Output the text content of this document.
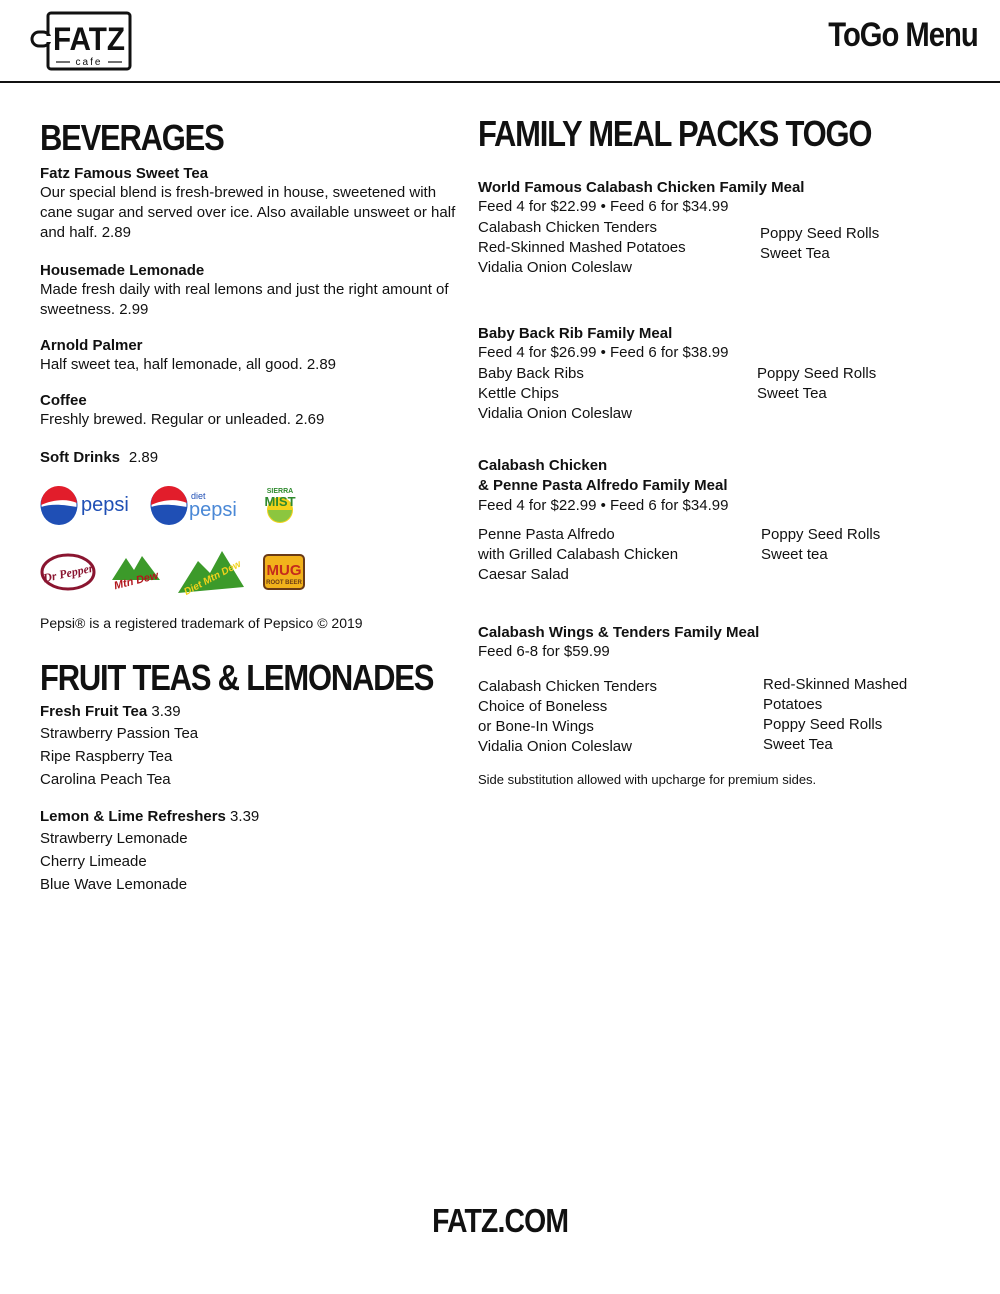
FATZ
cafe
ToGo Menu
BEVERAGES
Fatz Famous Sweet Tea
Our special blend is fresh-brewed in house, sweetened with cane sugar and served over ice. Also available unsweet or half and half. 2.89
Housemade Lemonade
Made fresh daily with real lemons and just the right amount of sweetness. 2.99
Arnold Palmer
Half sweet tea, half lemonade, all good. 2.89
Coffee
Freshly brewed. Regular or unleaded. 2.69
Soft Drinks 2.89
pepsi	diet
pepsi
SIERRA
MIST
Dr Pepper Mtn Dew Diet Mtn Dew MUG
ROOT BEER
Pepsi® is a registered trademark of Pepsico © 2019
FRUIT TEAS & LEMONADES
Fresh Fruit Tea 3.39
Strawberry Passion Tea
Ripe Raspberry Tea
Carolina Peach Tea
Lemon & Lime Refreshers 3.39
Strawberry Lemonade
Cherry Limeade
Blue Wave Lemonade
FAMILY MEAL PACKS TOGO
World Famous Calabash Chicken Family Meal
Feed 4 for $22.99 • Feed 6 for $34.99
Calabash Chicken Tenders
Red-Skinned Mashed Potatoes
Vidalia Onion Coleslaw
Poppy Seed Rolls
Sweet Tea
Baby Back Rib Family Meal
Feed 4 for $26.99 • Feed 6 for $38.99
Baby Back Ribs
Kettle Chips
Vidalia Onion Coleslaw
Poppy Seed Rolls
Sweet Tea
Calabash Chicken
& Penne Pasta Alfredo Family Meal
Feed 4 for $22.99 • Feed 6 for $34.99
Penne Pasta Alfredo
with Grilled Calabash Chicken
Caesar Salad
Poppy Seed Rolls
Sweet tea
Calabash Wings & Tenders Family Meal
Feed 6-8 for $59.99
Calabash Chicken Tenders
Choice of Boneless
or Bone-In Wings
Vidalia Onion Coleslaw
Red-Skinned Mashed
Potatoes
Poppy Seed Rolls
Sweet Tea
Side substitution allowed with upcharge for premium sides.
FATZ.COM
